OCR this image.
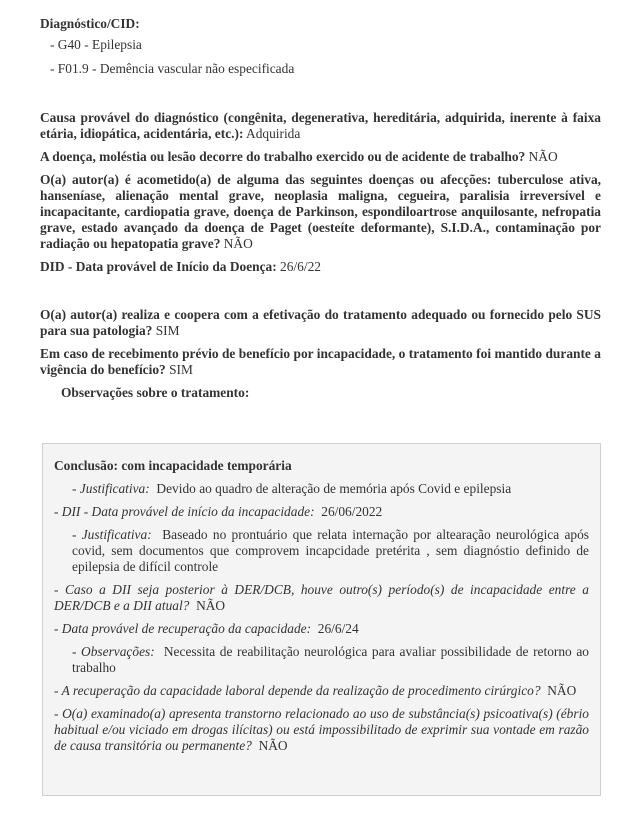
Diagnóstico/CID:
- G40 - Epilepsia
- F01.9 - Demência vascular não especificada
Causa provável do diagnóstico (congênita, degenerativa, hereditária, adquirida, inerente à faixa etária, idiopática, acidentária, etc.): Adquirida
A doença, moléstia ou lesão decorre do trabalho exercido ou de acidente de trabalho? NÃO
O(a) autor(a) é acometido(a) de alguma das seguintes doenças ou afecções: tuberculose ativa, hanseníase, alienação mental grave, neoplasia maligna, cegueira, paralisia irreversível e incapacitante, cardiopatia grave, doença de Parkinson, espondiloartrose anquilosante, nefropatia grave, estado avançado da doença de Paget (oesteíte deformante), S.I.D.A., contaminação por radiação ou hepatopatia grave? NÃO
DID - Data provável de Início da Doença: 26/6/22
O(a) autor(a) realiza e coopera com a efetivação do tratamento adequado ou fornecido pelo SUS para sua patologia? SIM
Em caso de recebimento prévio de benefício por incapacidade, o tratamento foi mantido durante a vigência do benefício? SIM
Observações sobre o tratamento:
Conclusão: com incapacidade temporária
- Justificativa: Devido ao quadro de alteração de memória após Covid e epilepsia
- DII - Data provável de início da incapacidade: 26/06/2022
- Justificativa: Baseado no prontuário que relata internação por altearação neurológica após covid, sem documentos que comprovem incapcidade pretérita , sem diagnóstio definido de epilepsia de difícil controle
- Caso a DII seja posterior à DER/DCB, houve outro(s) período(s) de incapacidade entre a DER/DCB e a DII atual? NÃO
- Data provável de recuperação da capacidade: 26/6/24
- Observações: Necessita de reabilitação neurológica para avaliar possibilidade de retorno ao trabalho
- A recuperação da capacidade laboral depende da realização de procedimento cirúrgico? NÃO
- O(a) examinado(a) apresenta transtorno relacionado ao uso de substância(s) psicoativa(s) (ébrio habitual e/ou viciado em drogas ilícitas) ou está impossibilitado de exprimir sua vontade em razão de causa transitória ou permanente? NÃO
